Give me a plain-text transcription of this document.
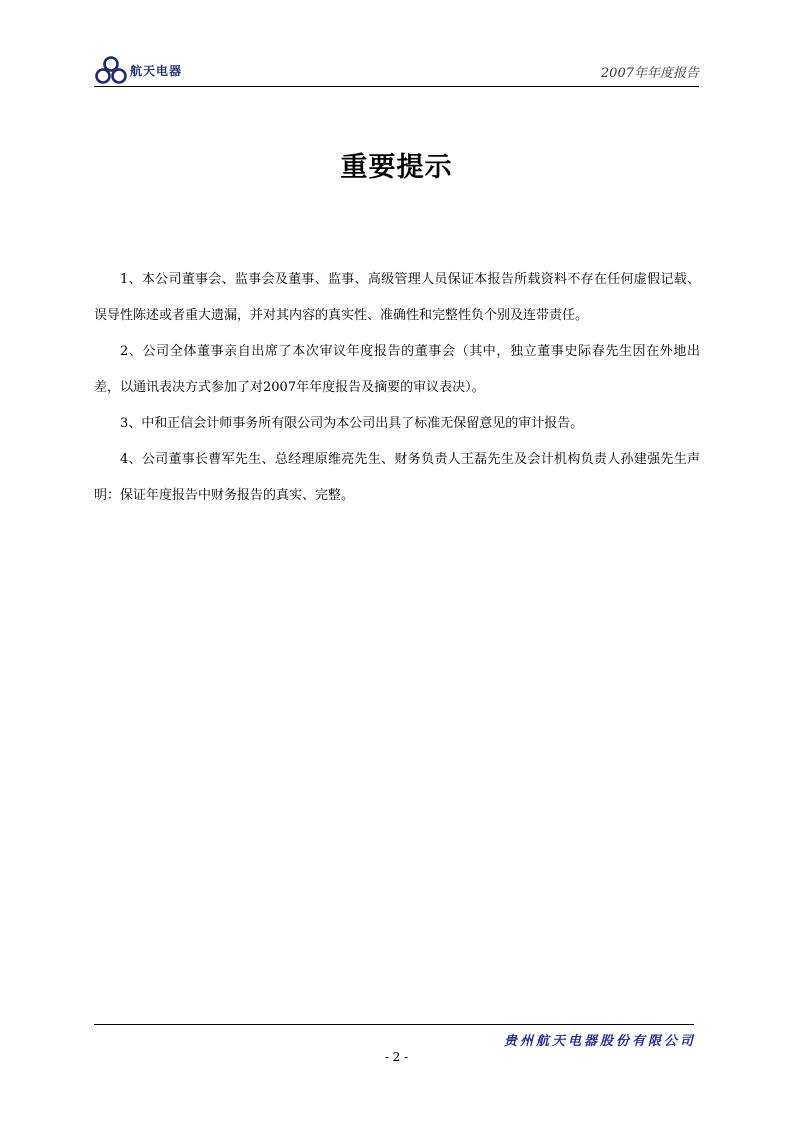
航天电器	2007年年度报告
重要提示

1、本公司董事会、监事会及董事、监事、高级管理人员保证本报告所载资料不存在任何虚假记载、误导性陈述或者重大遗漏，并对其内容的真实性、准确性和完整性负个别及连带责任。

2、公司全体董事亲自出席了本次审议年度报告的董事会（其中，独立董事史际春先生因在外地出差，以通讯表决方式参加了对2007年年度报告及摘要的审议表决）。

3、中和正信会计师事务所有限公司为本公司出具了标准无保留意见的审计报告。

4、公司董事长曹军先生、总经理原维亮先生、财务负责人王磊先生及会计机构负责人孙建强先生声明：保证年度报告中财务报告的真实、完整。

贵州航天电器股份有限公司
- 2 -
